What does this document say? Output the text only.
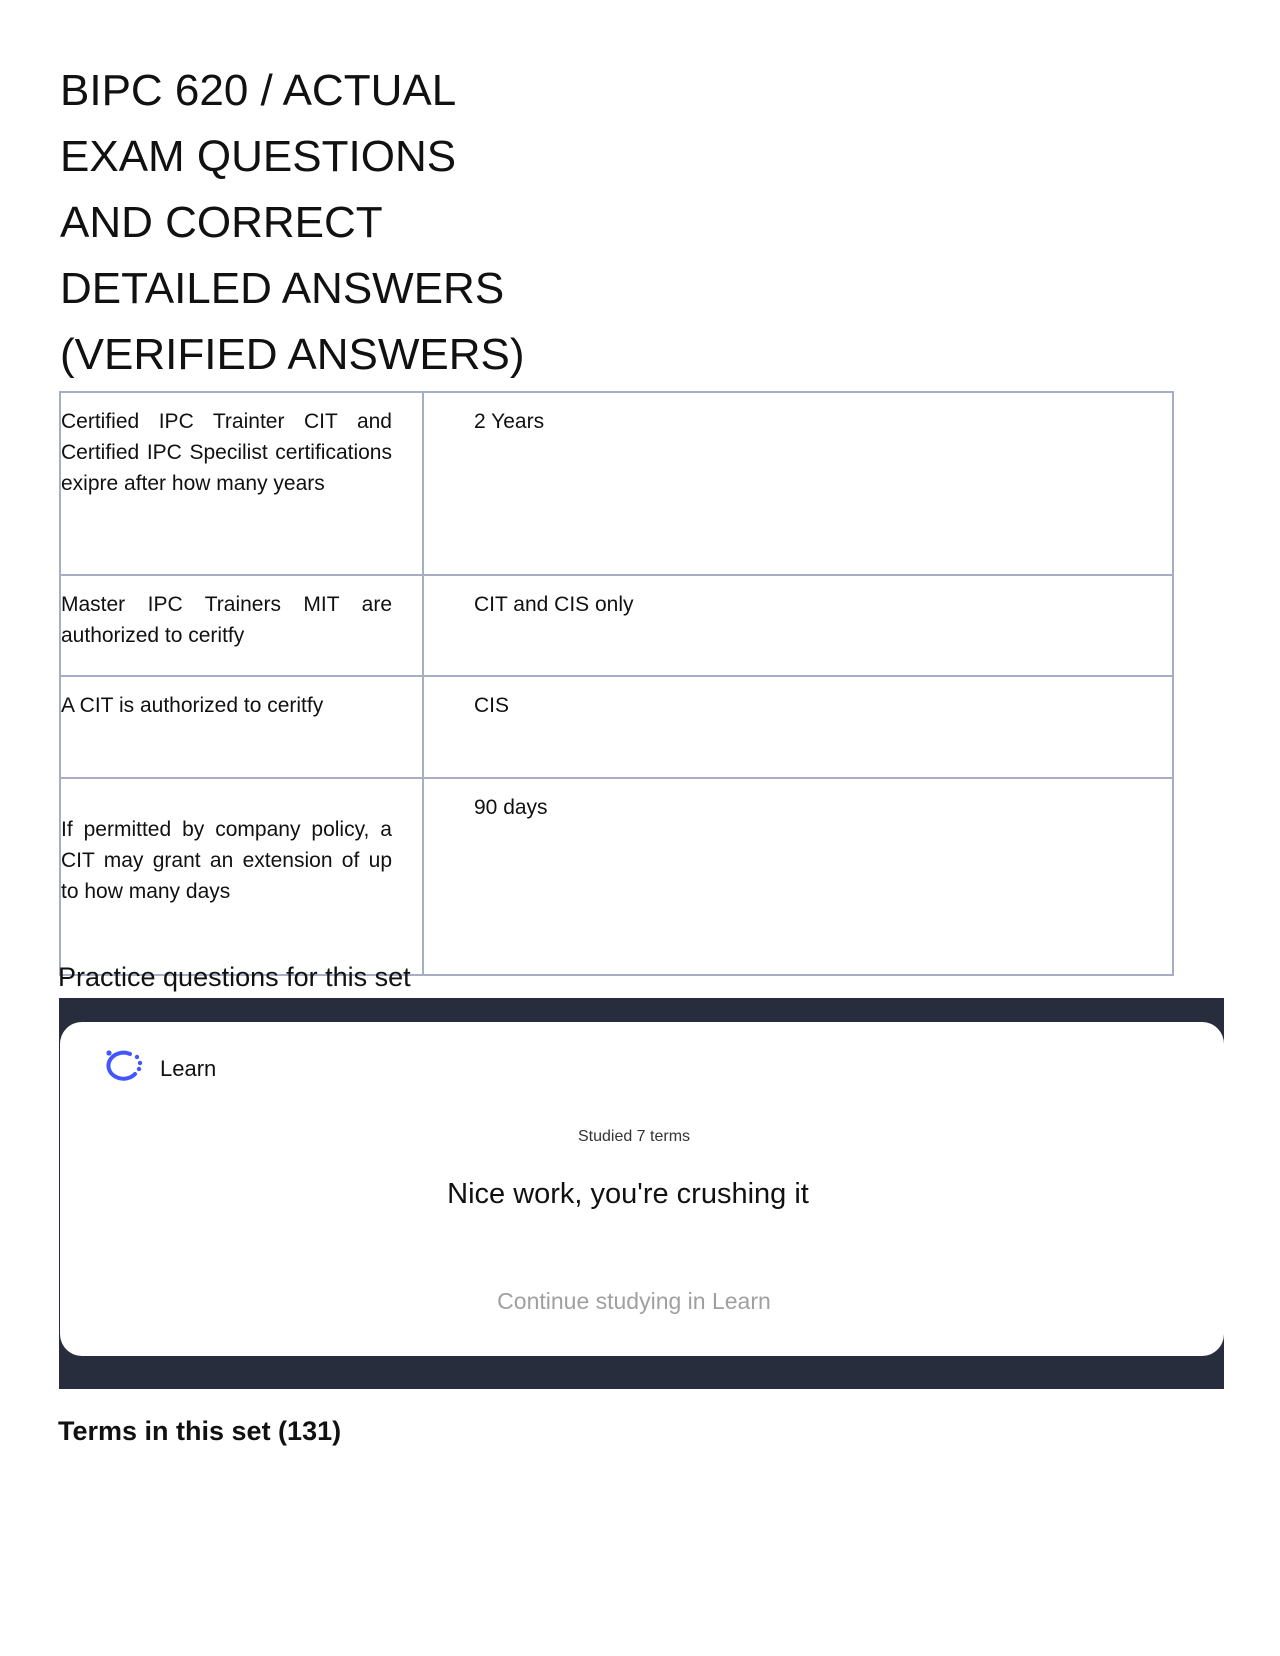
BIPC 620 / ACTUAL
EXAM QUESTIONS
AND CORRECT
DETAILED ANSWERS
(VERIFIED ANSWERS)
Certified IPC Trainter CIT and Certified IPC Specilist certifications exipre after how many years	2 Years

Master IPC Trainers MIT are authorized to ceritfy	CIT and CIS only

A CIT is authorized to ceritfy	CIS

If permitted by company policy, a CIT may grant an extension of up to how many days	90 days
Practice questions for this set
Learn
Studied 7 terms
Nice work, you're crushing it
Continue studying in Learn
Terms in this set (131)
